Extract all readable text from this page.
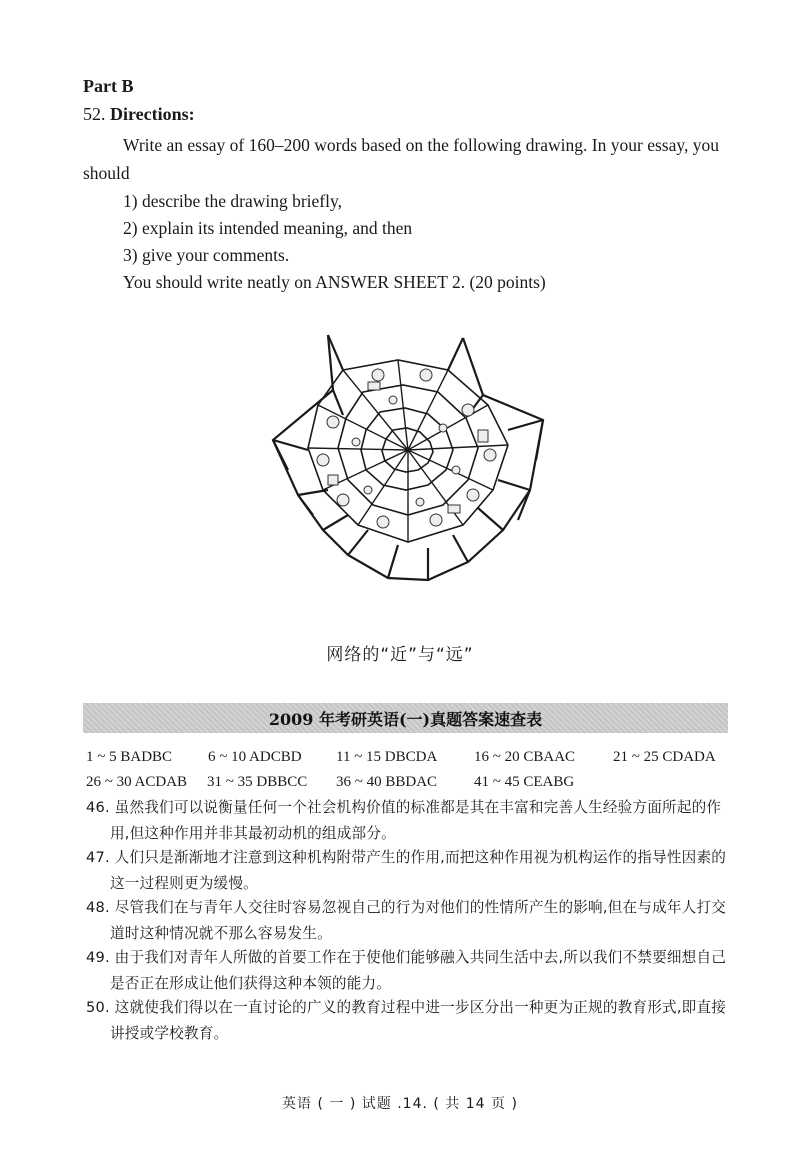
Part B
52. Directions:
Write an essay of 160–200 words based on the following drawing. In your essay, you should
1) describe the drawing briefly,
2) explain its intended meaning, and then
3) give your comments.
You should write neatly on ANSWER SHEET 2. (20 points)
网络的“近”与“远”
2009 年考研英语(一)真题答案速查表
1 ~ 5 BADBC 6 ~ 10 ADCBD 11 ~ 15 DBCDA 16 ~ 20 CBAAC	21 ~ 25 CDADA
26 ~ 30 ACDAB 31 ~ 35 DBBCC 36 ~ 40 BBDAC 41 ~ 45 CEABG
46. 虽然我们可以说衡量任何一个社会机构价值的标准都是其在丰富和完善人生经验方面所起的作用,但这种作用并非其最初动机的组成部分。
47. 人们只是渐渐地才注意到这种机构附带产生的作用,而把这种作用视为机构运作的指导性因素的这一过程则更为缓慢。
48. 尽管我们在与青年人交往时容易忽视自己的行为对他们的性情所产生的影响,但在与成年人打交道时这种情况就不那么容易发生。
49. 由于我们对青年人所做的首要工作在于使他们能够融入共同生活中去,所以我们不禁要细想自己是否正在形成让他们获得这种本领的能力。
50. 这就使我们得以在一直讨论的广义的教育过程中进一步区分出一种更为正规的教育形式,即直接讲授或学校教育。
英语 ( 一 ) 试题 .14. ( 共 14 页 )
